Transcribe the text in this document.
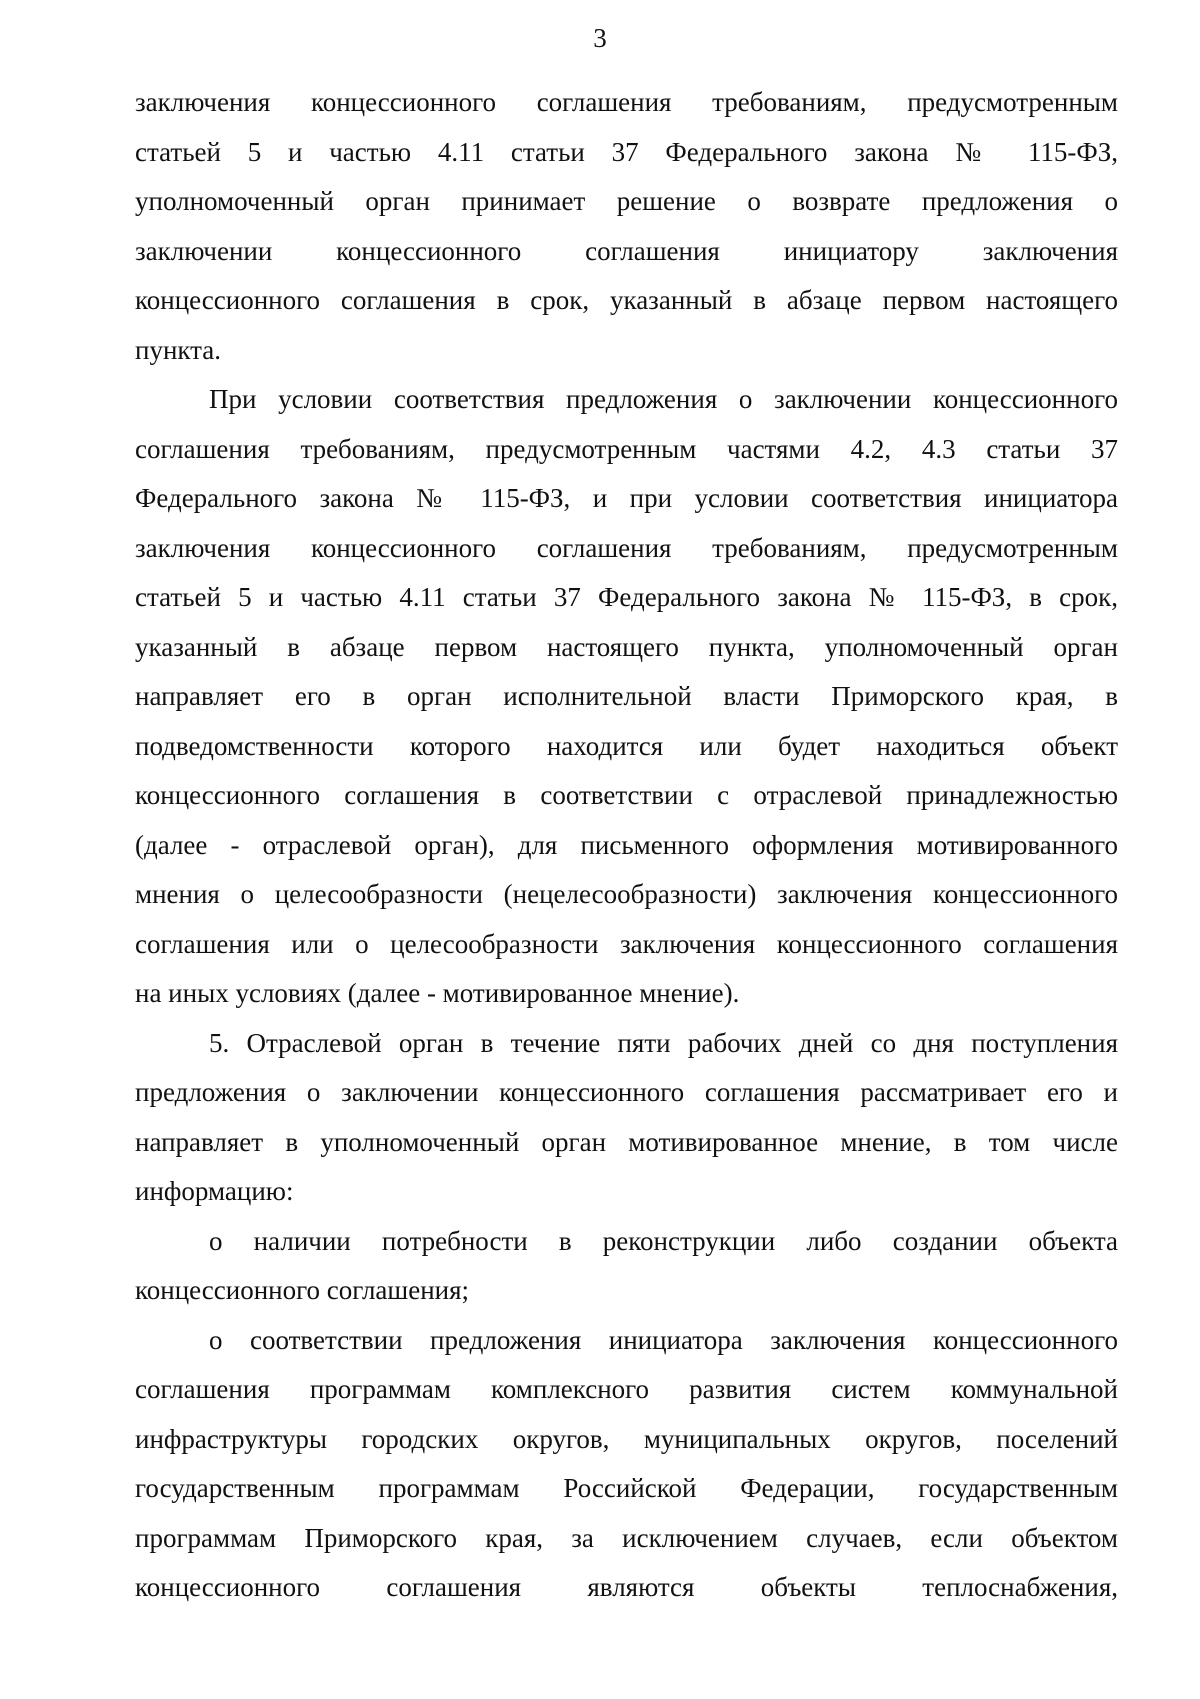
3

заключения концессионного соглашения требованиям, предусмотренным
статьей 5 и частью 4.11 статьи 37 Федерального закона № 115-ФЗ,
уполномоченный орган принимает решение о возврате предложения о
заключении концессионного соглашения инициатору заключения
концессионного соглашения в срок, указанный в абзаце первом настоящего
пункта.

При условии соответствия предложения о заключении концессионного
соглашения требованиям, предусмотренным частями 4.2, 4.3 статьи 37
Федерального закона № 115-ФЗ, и при условии соответствия инициатора
заключения концессионного соглашения требованиям, предусмотренным
статьей 5 и частью 4.11 статьи 37 Федерального закона № 115-ФЗ, в срок,
указанный в абзаце первом настоящего пункта, уполномоченный орган
направляет его в орган исполнительной власти Приморского края, в
подведомственности которого находится или будет находиться объект
концессионного соглашения в соответствии с отраслевой принадлежностью
(далее - отраслевой орган), для письменного оформления мотивированного
мнения о целесообразности (нецелесообразности) заключения концессионного
соглашения или о целесообразности заключения концессионного соглашения
на иных условиях (далее - мотивированное мнение).

5. Отраслевой орган в течение пяти рабочих дней со дня поступления
предложения о заключении концессионного соглашения рассматривает его и
направляет в уполномоченный орган мотивированное мнение, в том числе
информацию:

о наличии потребности в реконструкции либо создании объекта
концессионного соглашения;

о соответствии предложения инициатора заключения концессионного
соглашения программам комплексного развития систем коммунальной
инфраструктуры городских округов, муниципальных округов, поселений
государственным программам Российской Федерации, государственным
программам Приморского края, за исключением случаев, если объектом
концессионного соглашения являются объекты теплоснабжения,
